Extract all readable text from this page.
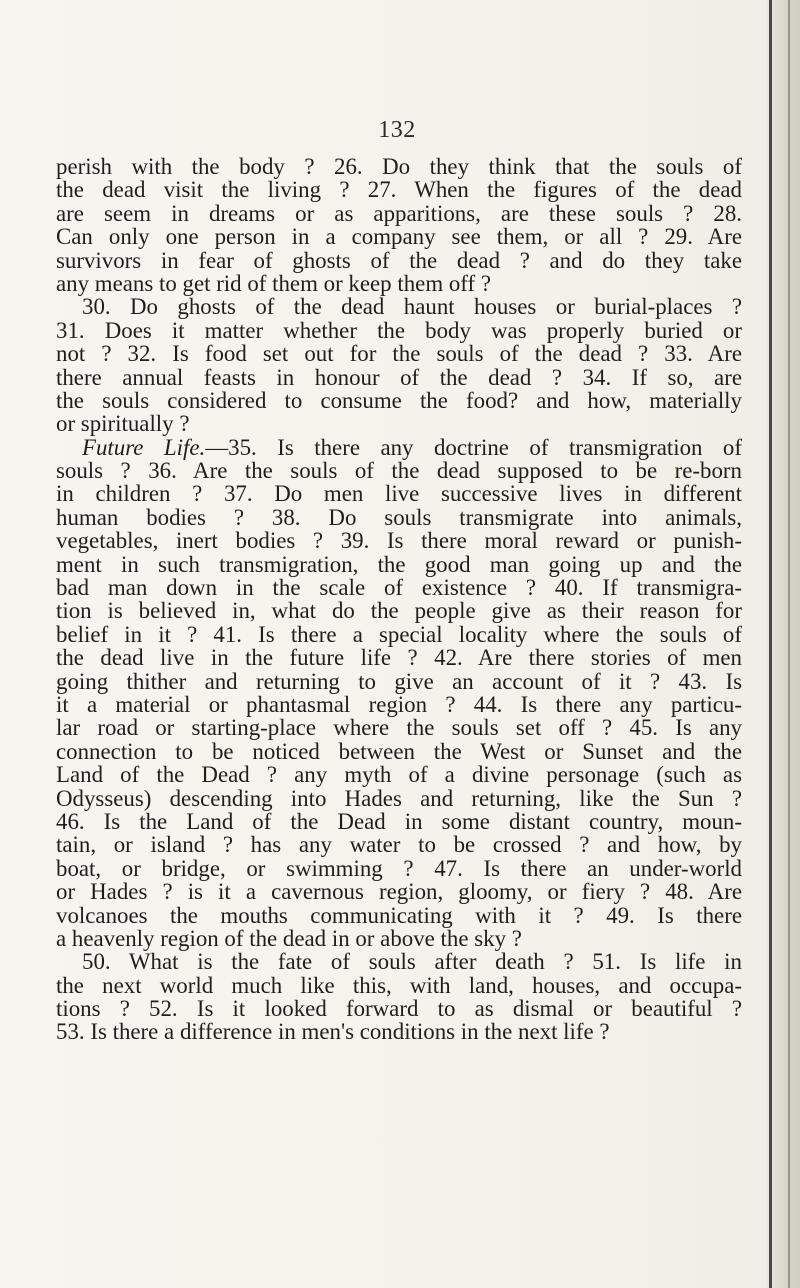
132
perish with the body ? 26. Do they think that the souls of
the dead visit the living ? 27. When the figures of the dead
are seem in dreams or as apparitions, are these souls ? 28.
Can only one person in a company see them, or all ? 29. Are
survivors in fear of ghosts of the dead ? and do they take
any means to get rid of them or keep them off ?
30. Do ghosts of the dead haunt houses or burial-places ?
31. Does it matter whether the body was properly buried or
not ? 32. Is food set out for the souls of the dead ? 33. Are
there annual feasts in honour of the dead ? 34. If so, are
the souls considered to consume the food? and how, materially
or spiritually ?
Future Life.—35. Is there any doctrine of transmigration of
souls ? 36. Are the souls of the dead supposed to be re-born
in children ? 37. Do men live successive lives in different
human bodies ? 38. Do souls transmigrate into animals,
vegetables, inert bodies ? 39. Is there moral reward or punish-
ment in such transmigration, the good man going up and the
bad man down in the scale of existence ? 40. If transmigra-
tion is believed in, what do the people give as their reason for
belief in it ? 41. Is there a special locality where the souls of
the dead live in the future life ? 42. Are there stories of men
going thither and returning to give an account of it ? 43. Is
it a material or phantasmal region ? 44. Is there any particu-
lar road or starting-place where the souls set off ? 45. Is any
connection to be noticed between the West or Sunset and the
Land of the Dead ? any myth of a divine personage (such as
Odysseus) descending into Hades and returning, like the Sun ?
46. Is the Land of the Dead in some distant country, moun-
tain, or island ? has any water to be crossed ? and how, by
boat, or bridge, or swimming ? 47. Is there an under-world
or Hades ? is it a cavernous region, gloomy, or fiery ? 48. Are
volcanoes the mouths communicating with it ? 49. Is there
a heavenly region of the dead in or above the sky ?
50. What is the fate of souls after death ? 51. Is life in
the next world much like this, with land, houses, and occupa-
tions ? 52. Is it looked forward to as dismal or beautiful ?
53. Is there a difference in men's conditions in the next life ?
